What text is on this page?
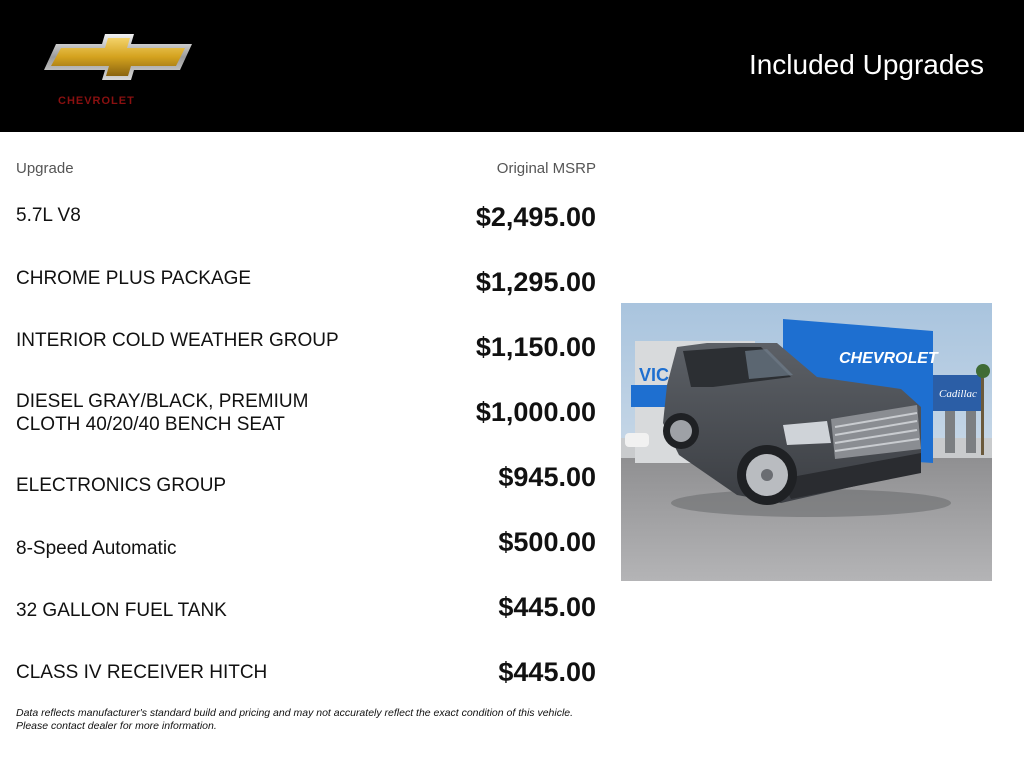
CHEVROLET
Included Upgrades
Upgrade	Original MSRP
5.7L V8	$2,495.00
CHROME PLUS PACKAGE	$1,295.00
INTERIOR COLD WEATHER GROUP	$1,150.00
DIESEL GRAY/BLACK, PREMIUM CLOTH 40/20/40 BENCH SEAT	$1,000.00
ELECTRONICS GROUP	$945.00
8-Speed Automatic	$500.00
32 GALLON FUEL TANK	$445.00
CLASS IV RECEIVER HITCH	$445.00
Data reflects manufacturer's standard build and pricing and may not accurately reflect the exact condition of this vehicle.
Please contact dealer for more information.
VIC
CHEVROLET
Cadillac
